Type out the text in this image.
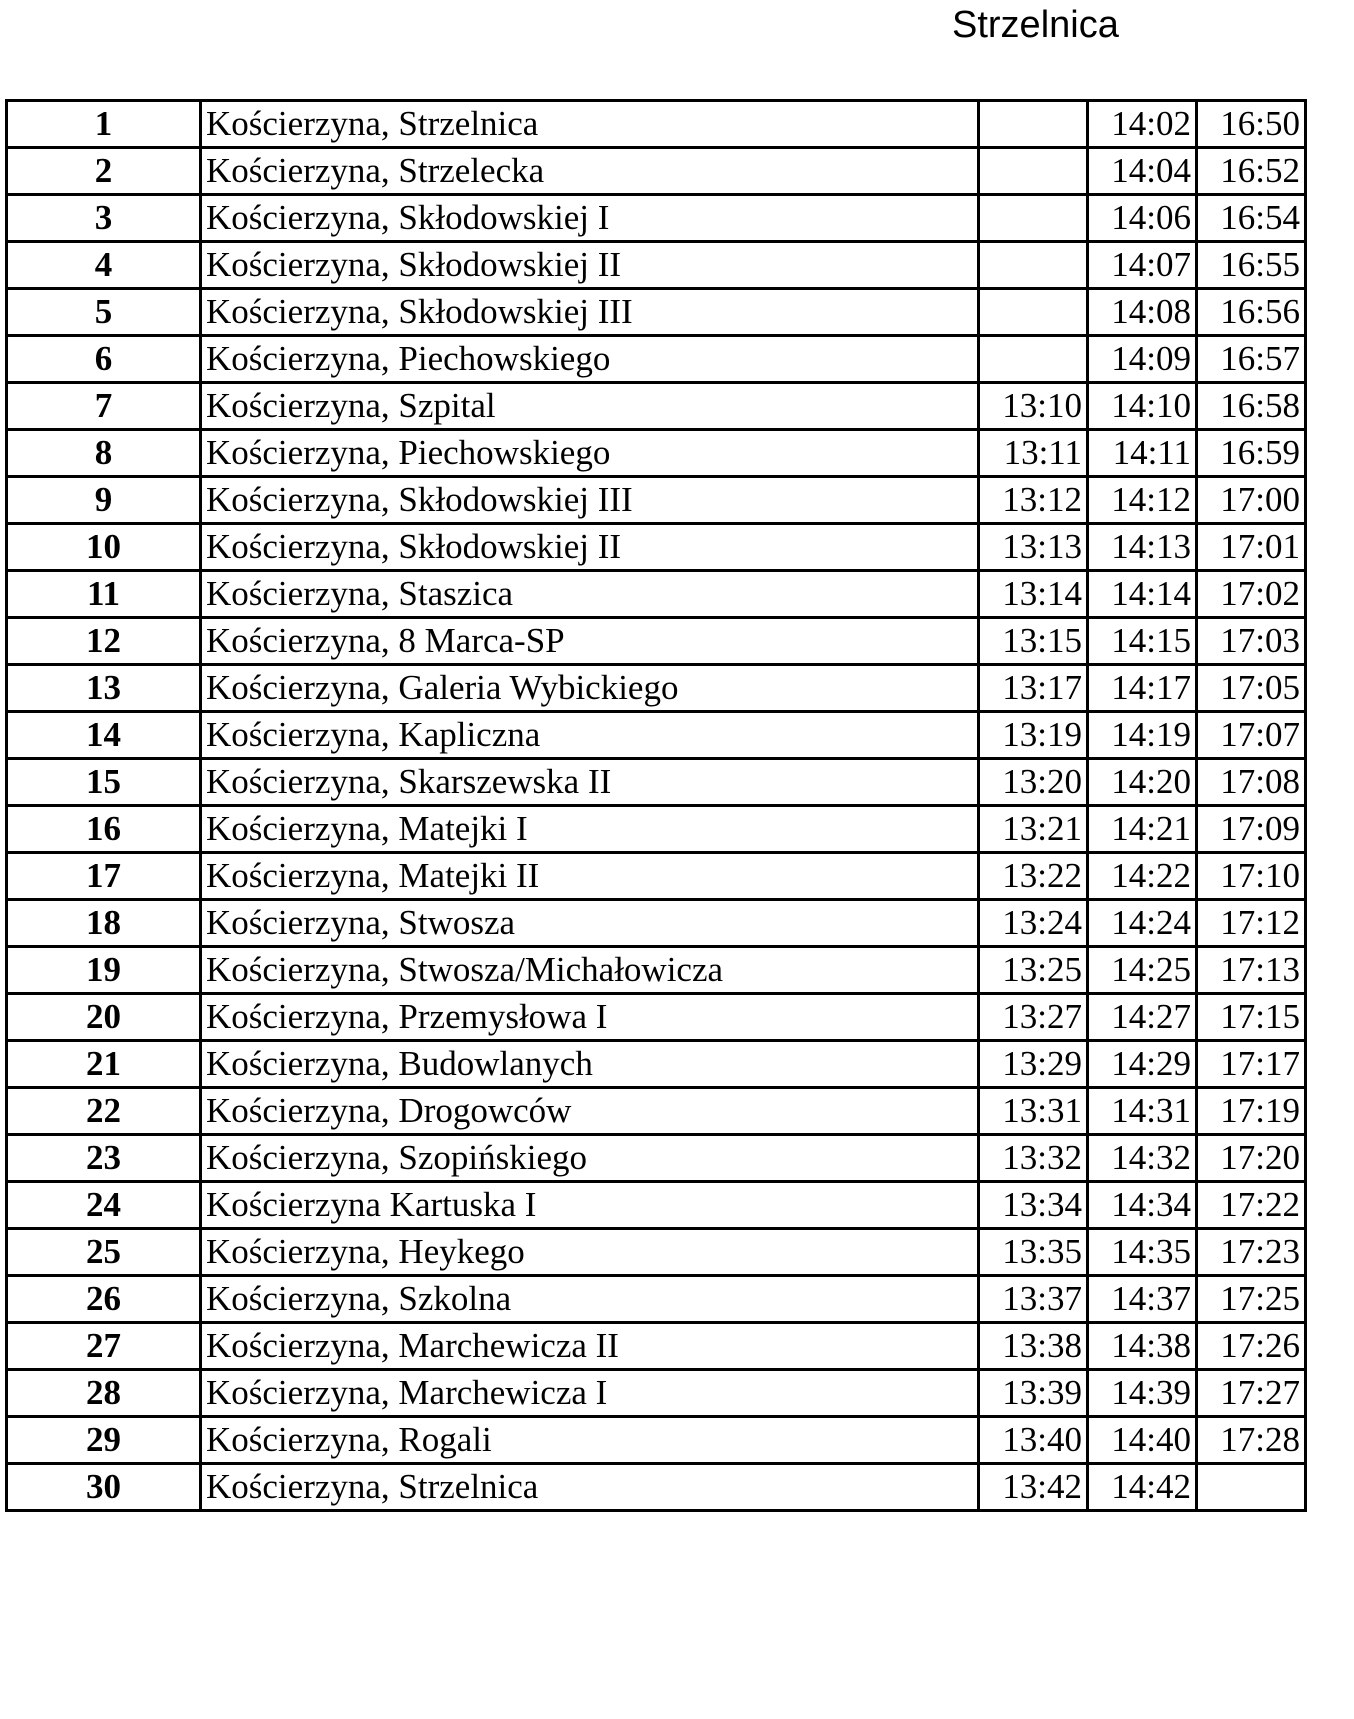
Strzelnica
1	Kościerzyna, Strzelnica		14:02	16:50
2	Kościerzyna, Strzelecka		14:04	16:52
3	Kościerzyna, Skłodowskiej I		14:06	16:54
4	Kościerzyna, Skłodowskiej II		14:07	16:55
5	Kościerzyna, Skłodowskiej III		14:08	16:56
6	Kościerzyna, Piechowskiego		14:09	16:57
7	Kościerzyna, Szpital	13:10	14:10	16:58
8	Kościerzyna, Piechowskiego	13:11	14:11	16:59
9	Kościerzyna, Skłodowskiej III	13:12	14:12	17:00
10	Kościerzyna, Skłodowskiej II	13:13	14:13	17:01
11	Kościerzyna, Staszica	13:14	14:14	17:02
12	Kościerzyna, 8 Marca-SP	13:15	14:15	17:03
13	Kościerzyna, Galeria Wybickiego	13:17	14:17	17:05
14	Kościerzyna, Kapliczna	13:19	14:19	17:07
15	Kościerzyna, Skarszewska II	13:20	14:20	17:08
16	Kościerzyna, Matejki I	13:21	14:21	17:09
17	Kościerzyna, Matejki II	13:22	14:22	17:10
18	Kościerzyna, Stwosza	13:24	14:24	17:12
19	Kościerzyna, Stwosza/Michałowicza	13:25	14:25	17:13
20	Kościerzyna, Przemysłowa I	13:27	14:27	17:15
21	Kościerzyna, Budowlanych	13:29	14:29	17:17
22	Kościerzyna, Drogowców	13:31	14:31	17:19
23	Kościerzyna, Szopińskiego	13:32	14:32	17:20
24	Kościerzyna Kartuska I	13:34	14:34	17:22
25	Kościerzyna, Heykego	13:35	14:35	17:23
26	Kościerzyna, Szkolna	13:37	14:37	17:25
27	Kościerzyna, Marchewicza II	13:38	14:38	17:26
28	Kościerzyna, Marchewicza I	13:39	14:39	17:27
29	Kościerzyna, Rogali	13:40	14:40	17:28
30	Kościerzyna, Strzelnica	13:42	14:42	
